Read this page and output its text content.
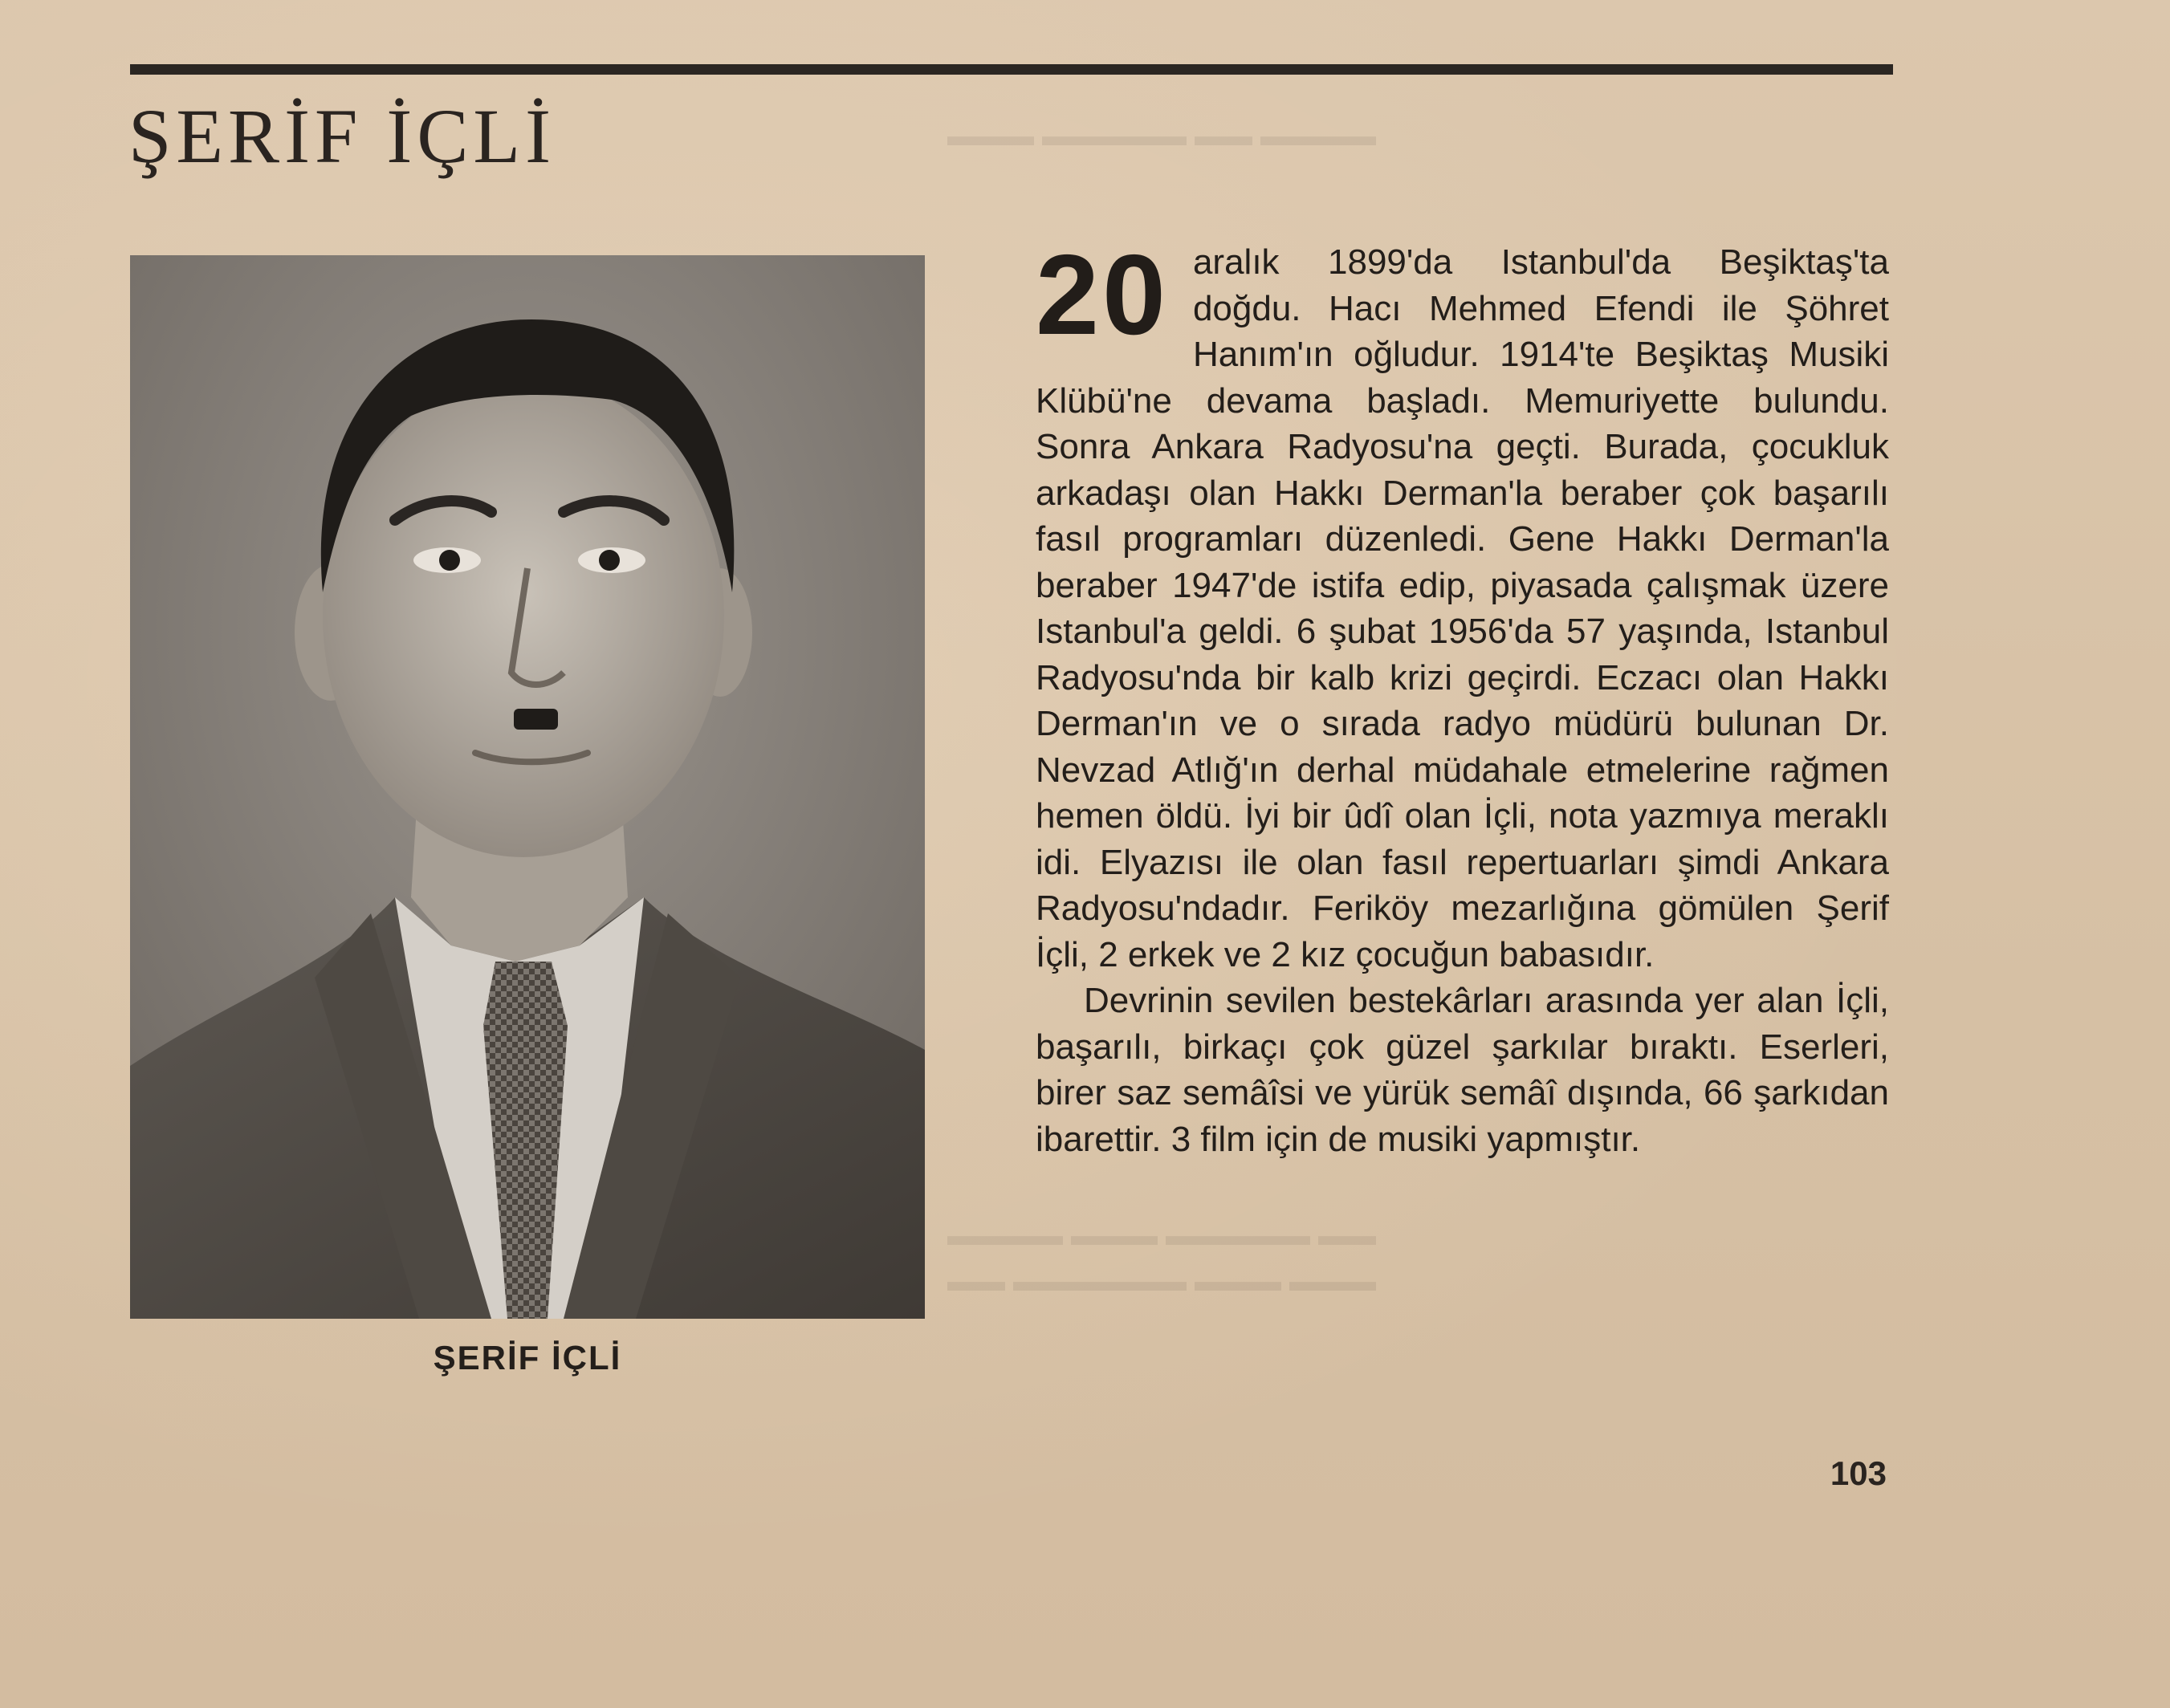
▬▬▬ ▬▬▬▬▬ ▬▬ ▬▬▬▬
▬▬▬▬ ▬▬▬ ▬▬▬▬▬ ▬▬
▬▬ ▬▬▬▬▬▬ ▬▬▬ ▬▬▬
ŞERİF İÇLİ
ŞERİF İÇLİ

20 aralık 1899'da Istanbul'da Beşiktaş'ta doğdu. Hacı Mehmed Efendi ile Şöhret Hanım'ın oğludur. 1914'te Beşiktaş Musiki Klübü'ne devama başladı. Memuriyette bulundu. Sonra Ankara Radyosu'na geçti. Burada, çocukluk arkadaşı olan Hakkı Derman'la beraber çok başarılı fasıl programları düzenledi. Gene Hakkı Derman'la beraber 1947'de istifa edip, piyasada çalışmak üzere Istanbul'a geldi. 6 şubat 1956'da 57 yaşında, Istanbul Radyosu'nda bir kalb krizi geçirdi. Eczacı olan Hakkı Derman'ın ve o sırada radyo müdürü bulunan Dr. Nevzad Atlığ'ın derhal müdahale etmelerine rağmen hemen öldü. İyi bir ûdî olan İçli, nota yazmıya meraklı idi. Elyazısı ile olan fasıl repertuarları şimdi Ankara Radyosu'ndadır. Feriköy mezarlığına gömülen Şerif İçli, 2 erkek ve 2 kız çocuğun babasıdır.

Devrinin sevilen bestekârları arasında yer alan İçli, başarılı, birkaçı çok güzel şarkılar bıraktı. Eserleri, birer saz semâîsi ve yürük semâî dışında, 66 şarkıdan ibarettir. 3 film için de musiki yapmıştır.

103
